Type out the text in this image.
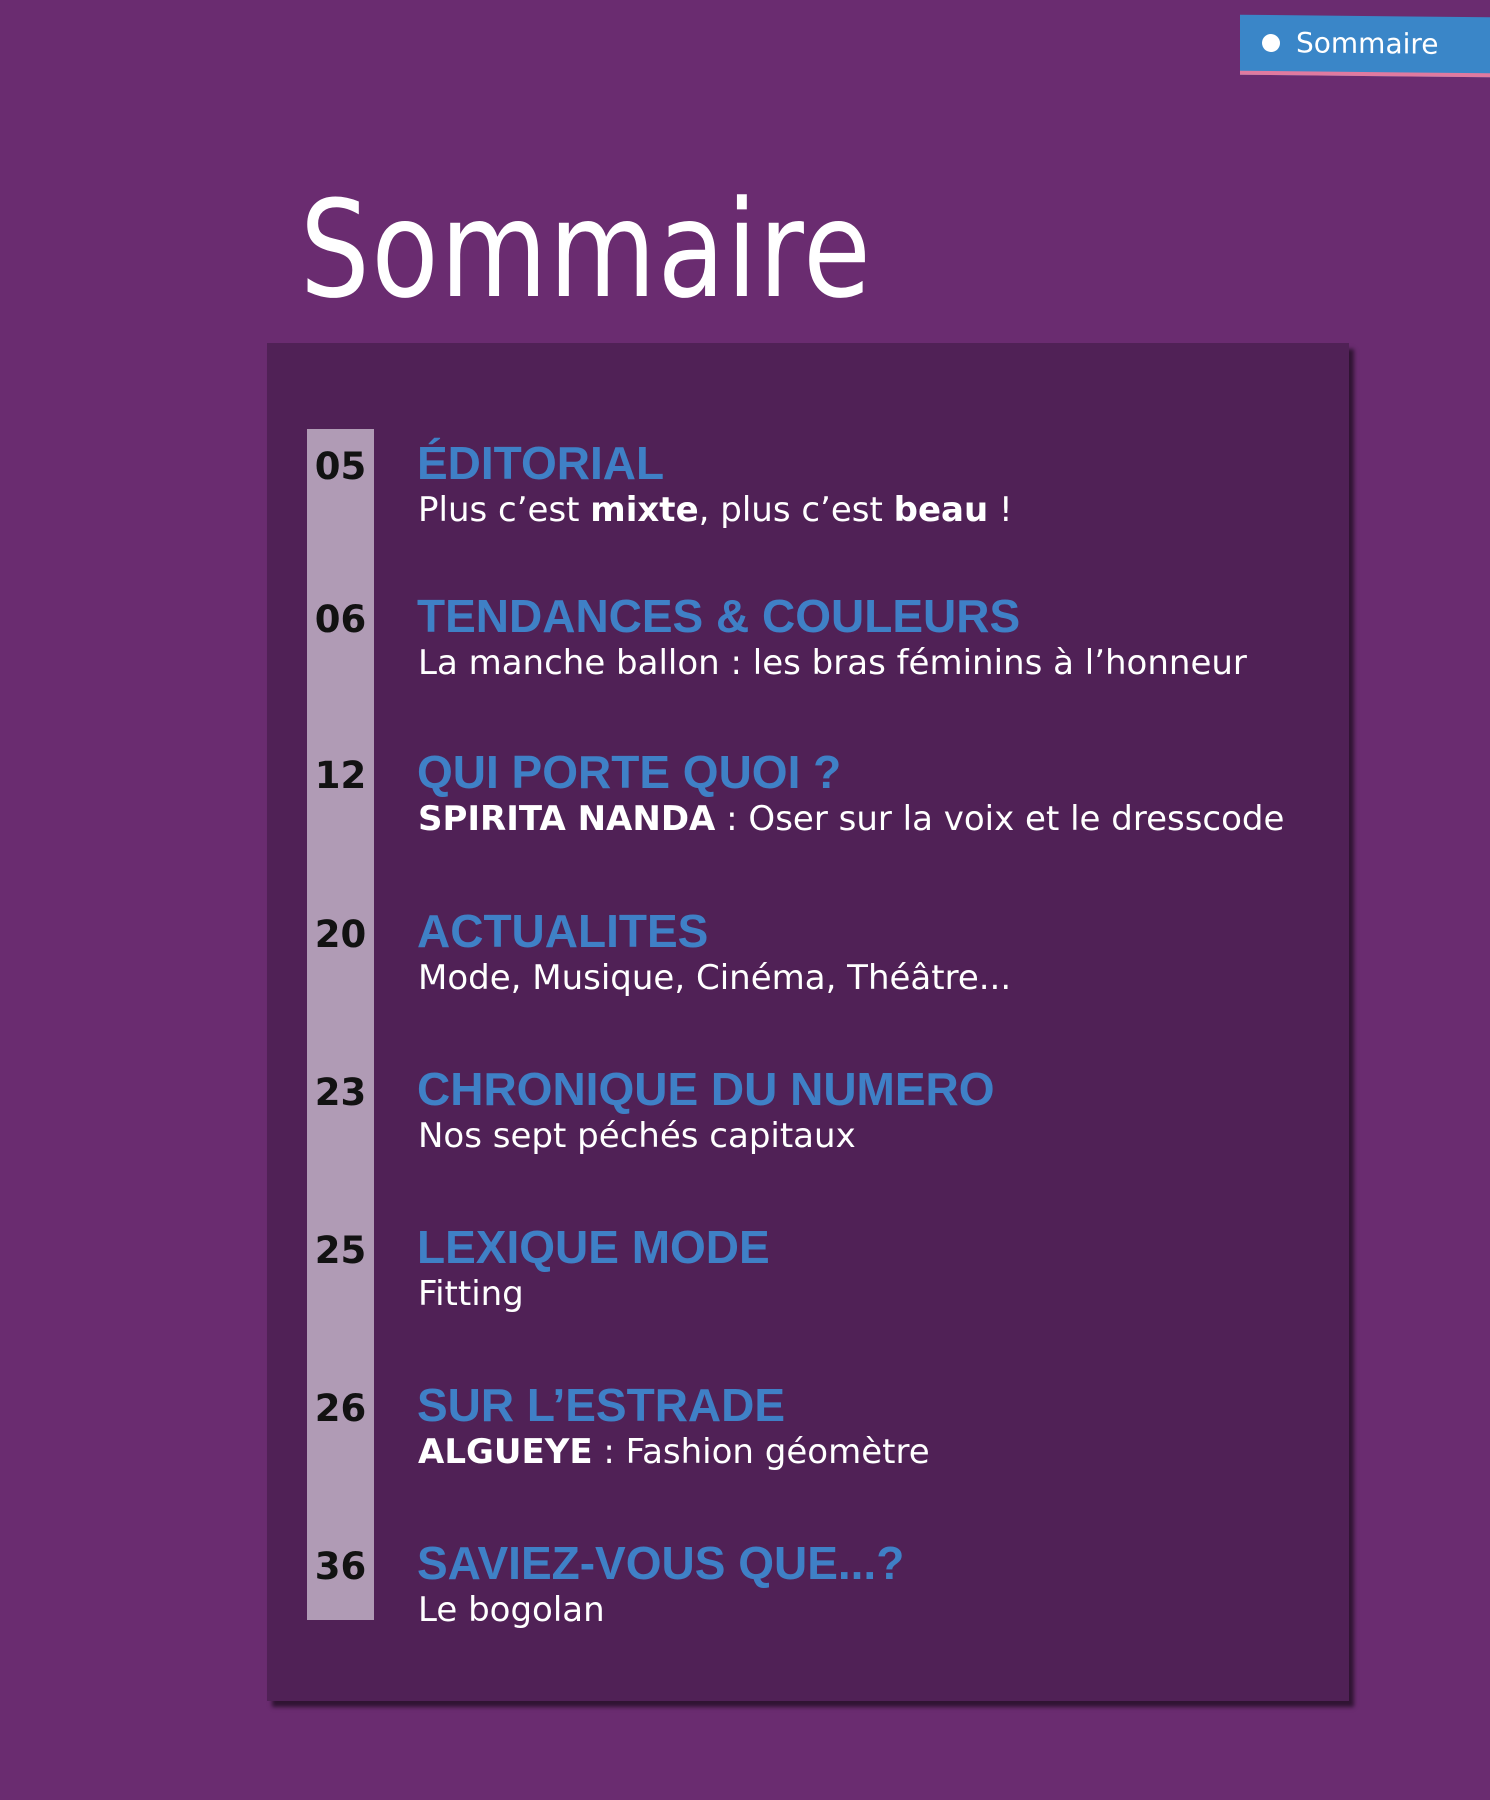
Sommaire
Sommaire
05 ÉDITORIAL
Plus c’est mixte, plus c’est beau !
06 TENDANCES & COULEURS
La manche ballon : les bras féminins à l’honneur
12 QUI PORTE QUOI ?
SPIRITA NANDA : Oser sur la voix et le dresscode
20 ACTUALITES
Mode, Musique, Cinéma, Théâtre...
23 CHRONIQUE DU NUMERO
Nos sept péchés capitaux
25 LEXIQUE MODE
Fitting
26 SUR L’ESTRADE
ALGUEYE : Fashion géomètre
36 SAVIEZ-VOUS QUE...?
Le bogolan
